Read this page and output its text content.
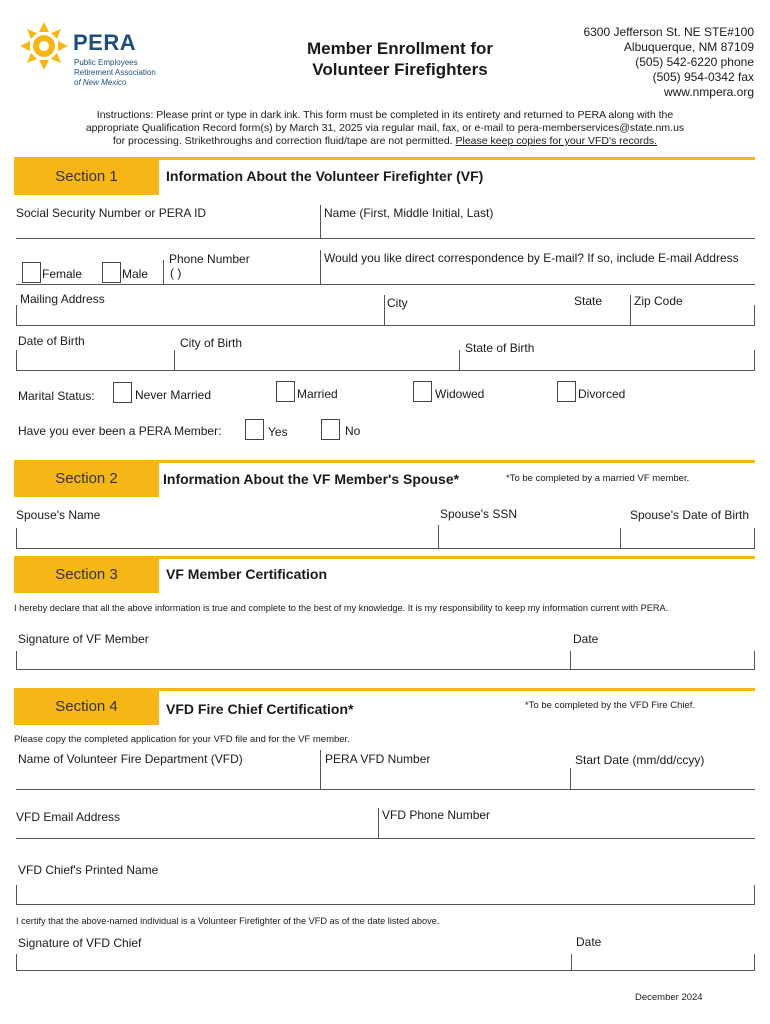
PERA
Public Employees
Retirement Association
of New Mexico
Member Enrollment for
Volunteer Firefighters
6300 Jefferson St. NE STE#100
Albuquerque, NM 87109
(505) 542-6220 phone
(505) 954-0342 fax
www.nmpera.org
Instructions: Please print or type in dark ink. This form must be completed in its entirety and returned to PERA along with the
appropriate Qualification Record form(s) by March 31, 2025 via regular mail, fax, or e-mail to pera-memberservices@state.nm.us
for processing. Strikethroughs and correction fluid/tape are not permitted. Please keep copies for your VFD's records.
Section 1	Information About the Volunteer Firefighter (VF)
Social Security Number or PERA ID	Name (First, Middle Initial, Last)
Female	Male
Phone Number
( )
Would you like direct correspondence by E-mail? If so, include E-mail Address
Mailing Address	City	State	Zip Code
Date of Birth	City of Birth	State of Birth
Marital Status:	Never Married	Married	Widowed	Divorced
Have you ever been a PERA Member:	Yes	No
Section 2	Information About the VF Member's Spouse*	*To be completed by a married VF member.
Spouse's Name	Spouse's SSN	Spouse's Date of Birth
Section 3	VF Member Certification
I hereby declare that all the above information is true and complete to the best of my knowledge. It is my responsibility to keep my information current with PERA.
Signature of VF Member	Date
Section 4	VFD Fire Chief Certification*	*To be completed by the VFD Fire Chief.
Please copy the completed application for your VFD file and for the VF member.
Name of Volunteer Fire Department (VFD)	PERA VFD Number	Start Date (mm/dd/ccyy)
VFD Email Address	VFD Phone Number
VFD Chief's Printed Name
I certify that the above-named individual is a Volunteer Firefighter of the VFD as of the date listed above.
Signature of VFD Chief	Date
December 2024
